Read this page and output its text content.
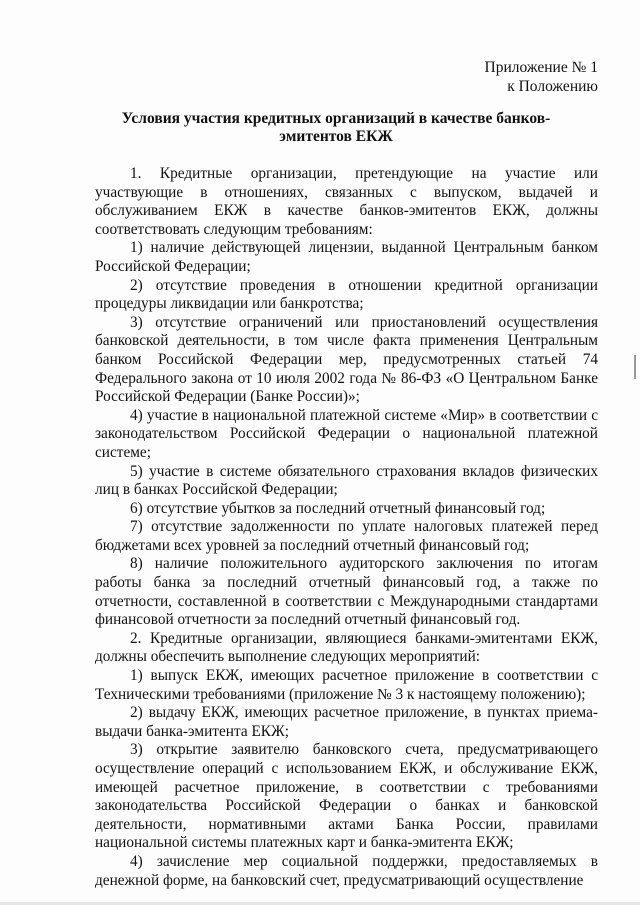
Приложение № 1
к Положению
Условия участия кредитных организаций в качестве банков-
эмитентов ЕКЖ

1. Кредитные организации, претендующие на участие или участвующие в отношениях, связанных с выпуском, выдачей и обслуживанием ЕКЖ в качестве банков-эмитентов ЕКЖ, должны соответствовать следующим требованиям:

1) наличие действующей лицензии, выданной Центральным банком Российской Федерации;

2) отсутствие проведения в отношении кредитной организации процедуры ликвидации или банкротства;

3) отсутствие ограничений или приостановлений осуществления банковской деятельности, в том числе факта применения Центральным банком Российской Федерации мер, предусмотренных статьей 74 Федерального закона от 10 июля 2002 года № 86-ФЗ «О Центральном Банке Российской Федерации (Банке России)»;

4) участие в национальной платежной системе «Мир» в соответствии с законодательством Российской Федерации о национальной платежной системе;

5) участие в системе обязательного страхования вкладов физических лиц в банках Российской Федерации;

6) отсутствие убытков за последний отчетный финансовый год;

7) отсутствие задолженности по уплате налоговых платежей перед бюджетами всех уровней за последний отчетный финансовый год;

8) наличие положительного аудиторского заключения по итогам работы банка за последний отчетный финансовый год, а также по отчетности, составленной в соответствии с Международными стандартами финансовой отчетности за последний отчетный финансовый год.

2. Кредитные организации, являющиеся банками-эмитентами ЕКЖ, должны обеспечить выполнение следующих мероприятий:

1) выпуск ЕКЖ, имеющих расчетное приложение в соответствии с Техническими требованиями (приложение № 3 к настоящему положению);

2) выдачу ЕКЖ, имеющих расчетное приложение, в пунктах приема-выдачи банка-эмитента ЕКЖ;

3) открытие заявителю банковского счета, предусматривающего осуществление операций с использованием ЕКЖ, и обслуживание ЕКЖ, имеющей расчетное приложение, в соответствии с требованиями законодательства Российской Федерации о банках и банковской деятельности, нормативными актами Банка России, правилами национальной системы платежных карт и банка-эмитента ЕКЖ;

4) зачисление мер социальной поддержки, предоставляемых в денежной форме, на банковский счет, предусматривающий осуществление
